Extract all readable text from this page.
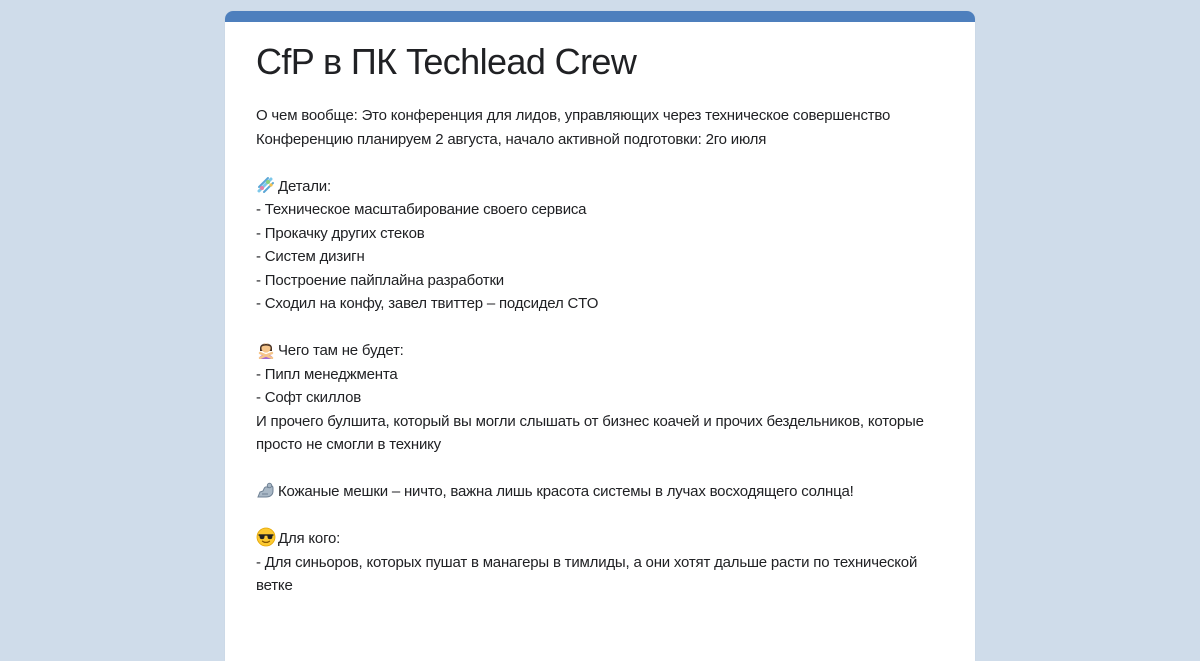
CfP в ПК Techlead Crew
О чем вообще: Это конференция для лидов, управляющих через техническое совершенство
Конференцию планируем 2 августа, начало активной подготовки: 2го июля
Детали:
- Техническое масштабирование своего сервиса
- Прокачку других стеков
- Систем дизигн
- Построение пайплайна разработки
- Сходил на конфу, завел твиттер – подсидел CTO
Чего там не будет:
- Пипл менеджмента
- Софт скиллов
И прочего булшита, который вы могли слышать от бизнес коачей и прочих бездельников, которые просто не смогли в технику
Кожаные мешки – ничто, важна лишь красота системы в лучах восходящего солнца!
Для кого:
- Для синьоров, которых пушат в манагеры в тимлиды, а они хотят дальше расти по технической ветке
